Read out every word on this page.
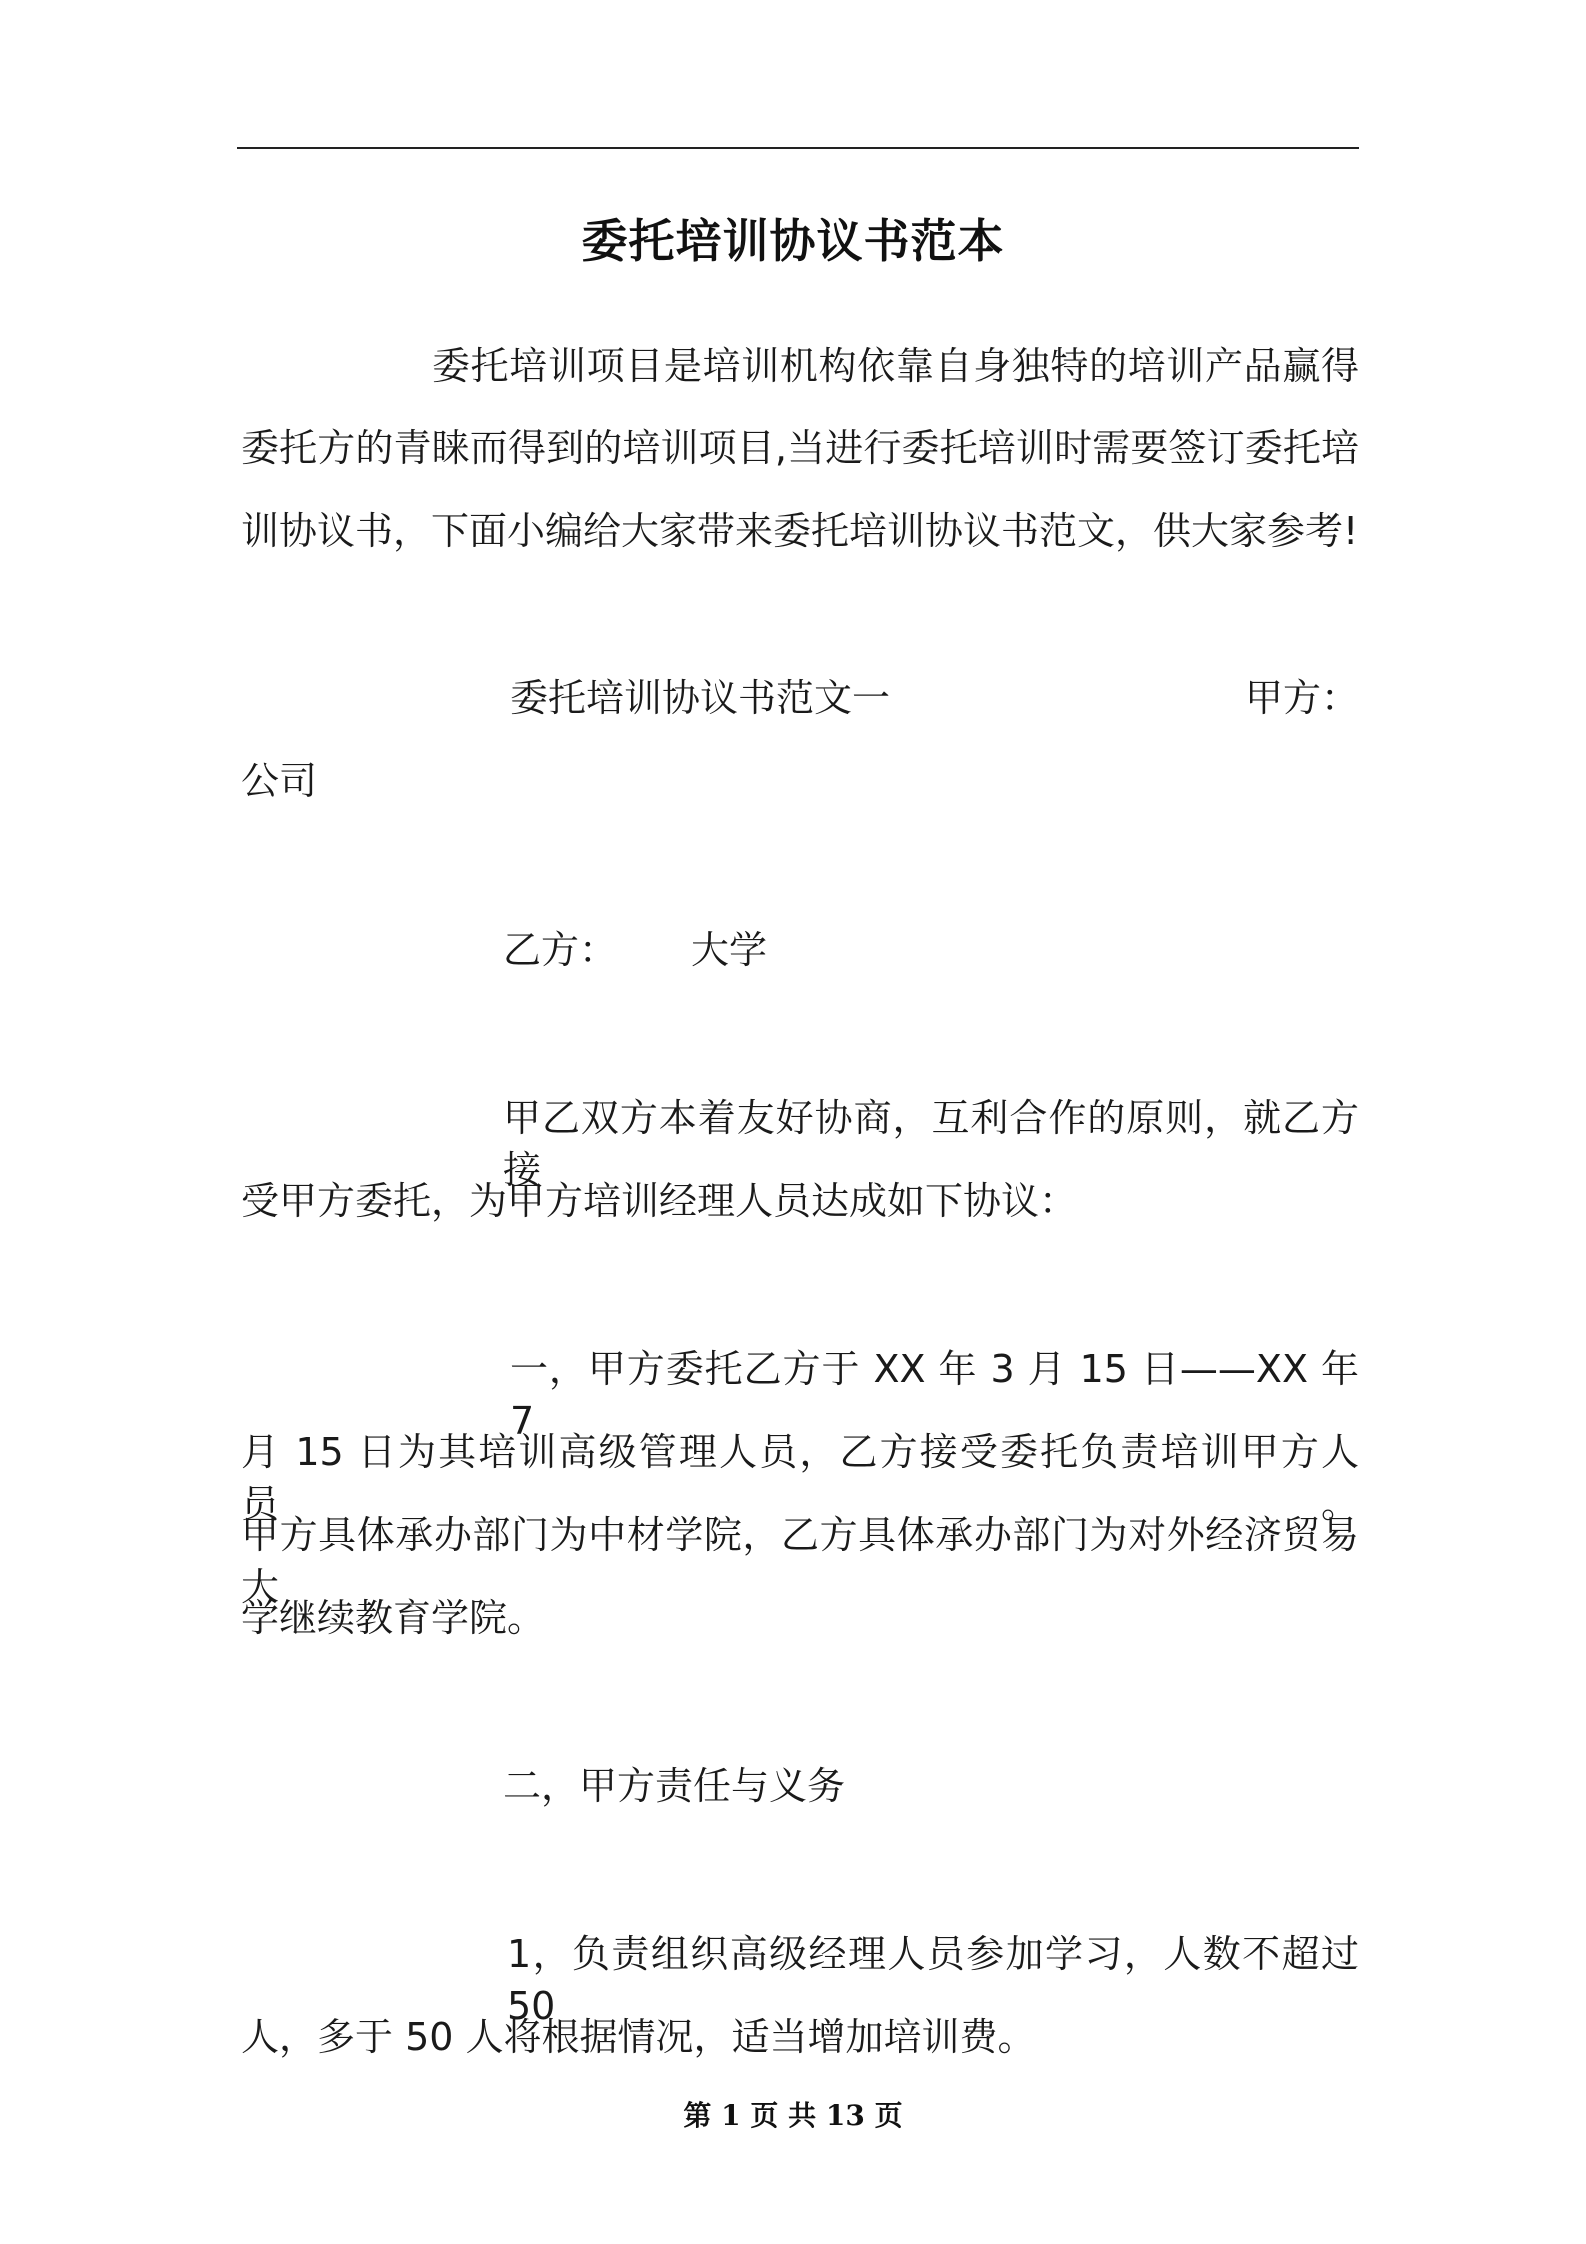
委托培训协议书范本
委托培训项目是培训机构依靠自身独特的培训产品赢得
委托方的青睐而得到的培训项目,当进行委托培训时需要签订委托培
训协议书，下面小编给大家带来委托培训协议书范文，供大家参考!
委托培训协议书范文一	甲方：
公司
乙方： 大学
甲乙双方本着友好协商，互利合作的原则，就乙方接
受甲方委托，为甲方培训经理人员达成如下协议：
一，甲方委托乙方于 XX 年 3 月 15 日——XX 年 7
月 15 日为其培训高级管理人员，乙方接受委托负责培训甲方人员。
甲方具体承办部门为中材学院，乙方具体承办部门为对外经济贸易大
学继续教育学院。
二，甲方责任与义务
1，负责组织高级经理人员参加学习，人数不超过 50
人，多于 50 人将根据情况，适当增加培训费。
第 1 页 共 13 页
